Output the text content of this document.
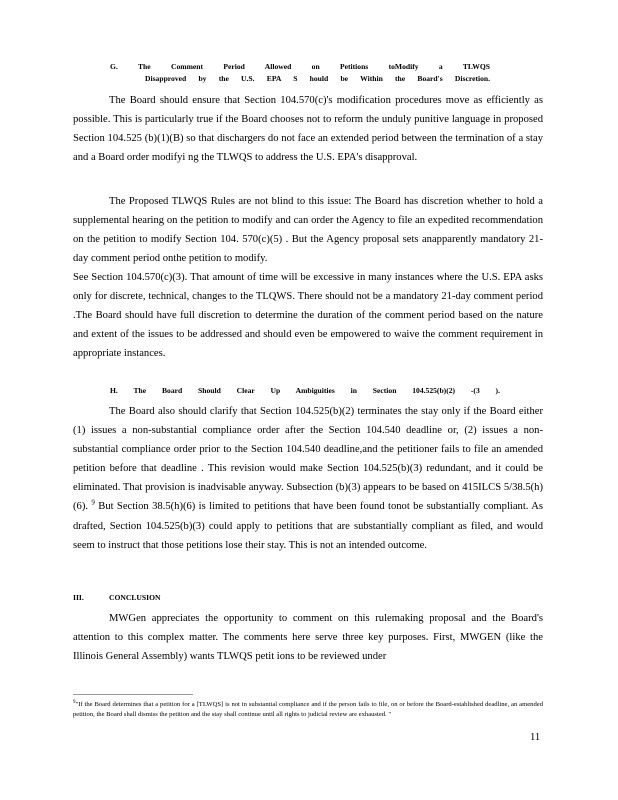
G. The Comment Period Allowed on Petitions toModify a TLWQS
Disapproved by the U.S. EPA S hould be Within the Board's Discretion.

The Board should ensure that Section 104.570(c)'s modification procedures move as efficiently as possible. This is particularly true if the Board chooses not to reform the unduly punitive language in proposed Section 104.525 (b)(1)(B) so that dischargers do not face an extended period between the termination of a stay and a Board order modifyi ng the TLWQS to address the U.S. EPA's disapproval.

The Proposed TLWQS Rules are not blind to this issue: The Board has discretion whether to hold a supplemental hearing on the petition to modify and can order the Agency to file an expedited recommendation on the petition to modify Section 104. 570(c)(5) . But the Agency proposal sets anapparently mandatory 21-day comment period onthe petition to modify.

See Section 104.570(c)(3). That amount of time will be excessive in many instances where the U.S. EPA asks only for discrete, technical, changes to the TLQWS. There should not be a mandatory 21-day comment period .The Board should have full discretion to determine the duration of the comment period based on the nature and extent of the issues to be addressed and should even be empowered to waive the comment requirement in appropriate instances.

H. The Board Should Clear Up Ambiguities in Section 104.525(b)(2) -(3 ).

The Board also should clarify that Section 104.525(b)(2) terminates the stay only if the Board either (1) issues a non-substantial compliance order after the Section 104.540 deadline or, (2) issues a non- substantial compliance order prior to the Section 104.540 deadline,and the petitioner fails to file an amended petition before that deadline . This revision would make Section 104.525(b)(3) redundant, and it could be eliminated. That provision is inadvisable anyway. Subsection (b)(3) appears to be based on 415ILCS 5/38.5(h)(6). $^9$ But Section 38.5(h)(6) is limited to petitions that have been found tonot be substantially compliant. As drafted, Section 104.525(b)(3) could apply to petitions that are substantially compliant as filed, and would seem to instruct that those petitions lose their stay. This is not an intended outcome.

III.	CONCLUSION

MWGen appreciates the opportunity to comment on this rulemaking proposal and the Board's attention to this complex matter. The comments here serve three key purposes. First, MWGEN (like the Illinois General Assembly) wants TLWQS petit ions to be reviewed under

$^9$"If the Board determines that a petition for a [TLWQS] is not in substantial compliance and if the person fails to file, on or before the Board-established deadline, an amended petition, the Board shall dismiss the petition and the stay shall continue until all rights to judicial review are exhausted. "
11
